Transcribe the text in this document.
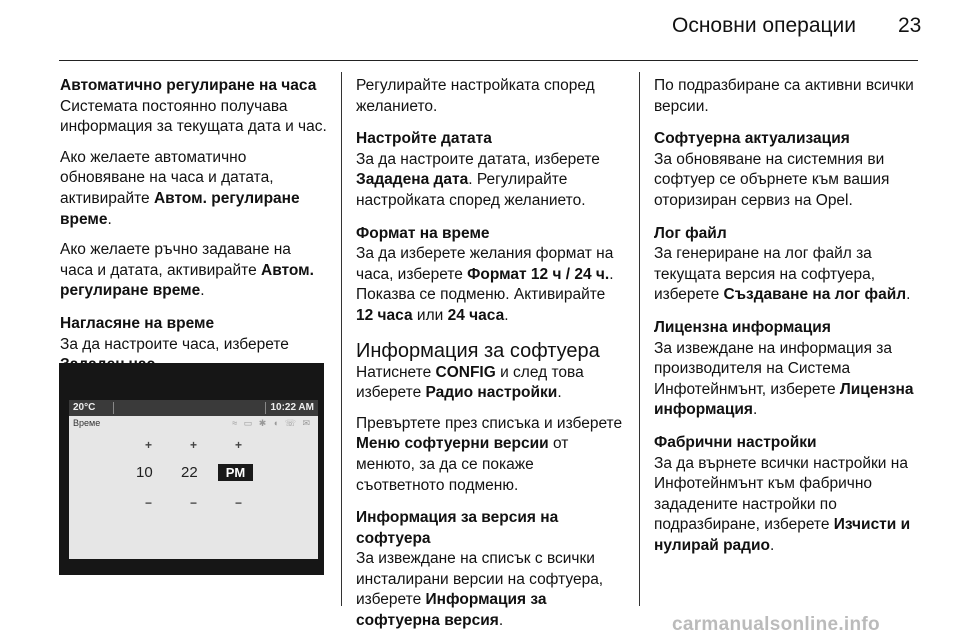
Основни операции 23

Автоматично регулиране на часа

Системата постоянно получава информация за текущата дата и час.

Ако желаете автоматично обновяване на часа и датата, активирайте Автом. регулиране време.

Ако желаете ръчно задаване на часа и датата, активирайте Автом. регулиране време.

Нагласяне на време

За да настроите часа, изберете

20°C	10:22 AM
Време	≈ ▭ ✱ ◖ ☏ ✉
+	+	+
10 22	PM
−	−	−

Регулирайте настройката според желанието.

Настройте датата

За да настроите датата, изберете Зададена дата. Регулирайте настройката според желанието.

Формат на време

За да изберете желания формат на часа, изберете Формат 12 ч / 24 ч.. Показва се подменю. Активирайте 12 часа или 24 часа.

Информация за софтуера

Натиснете CONFIG и след това изберете Радио настройки.

Превъртете през списъка и изберете Меню софтуерни версии от менюто, за да се покаже съответното подменю.

Информация за версия на софтуера

За извеждане на списък с всички инсталирани версии на софтуера, изберете Информация за софтуерна версия.

По подразбиране са активни всички версии.

Софтуерна актуализация

За обновяване на системния ви софтуер се обърнете към вашия оторизиран сервиз на Opel.

Лог файл

За генериране на лог файл за текущата версия на софтуера, изберете Създаване на лог файл.

Лицензна информация

За извеждане на информация за производителя на Система Инфотейнмънт, изберете Лицензна информация.

Фабрични настройки

За да върнете всички настройки на Инфотейнмънт към фабрично зададените настройки по подразбиране, изберете Изчисти и нулирай радио.

carmanualsonline.info
